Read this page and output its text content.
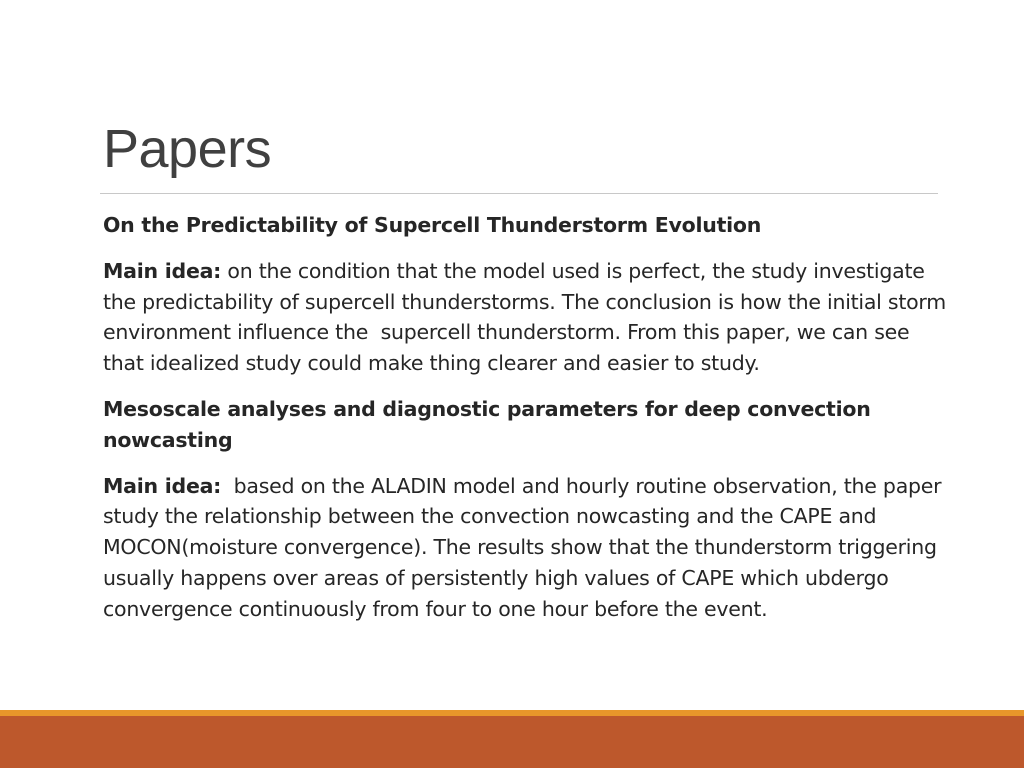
Papers

On the Predictability of Supercell Thunderstorm Evolution

Main idea: on the condition that the model used is perfect, the study investigate the predictability of supercell thunderstorms. The conclusion is how the initial storm environment influence the  supercell thunderstorm. From this paper, we can see that idealized study could make thing clearer and easier to study.

Mesoscale analyses and diagnostic parameters for deep convection nowcasting

Main idea:  based on the ALADIN model and hourly routine observation, the paper study the relationship between the convection nowcasting and the CAPE and MOCON(moisture convergence). The results show that the thunderstorm triggering usually happens over areas of persistently high values of CAPE which ubdergo convergence continuously from four to one hour before the event.
